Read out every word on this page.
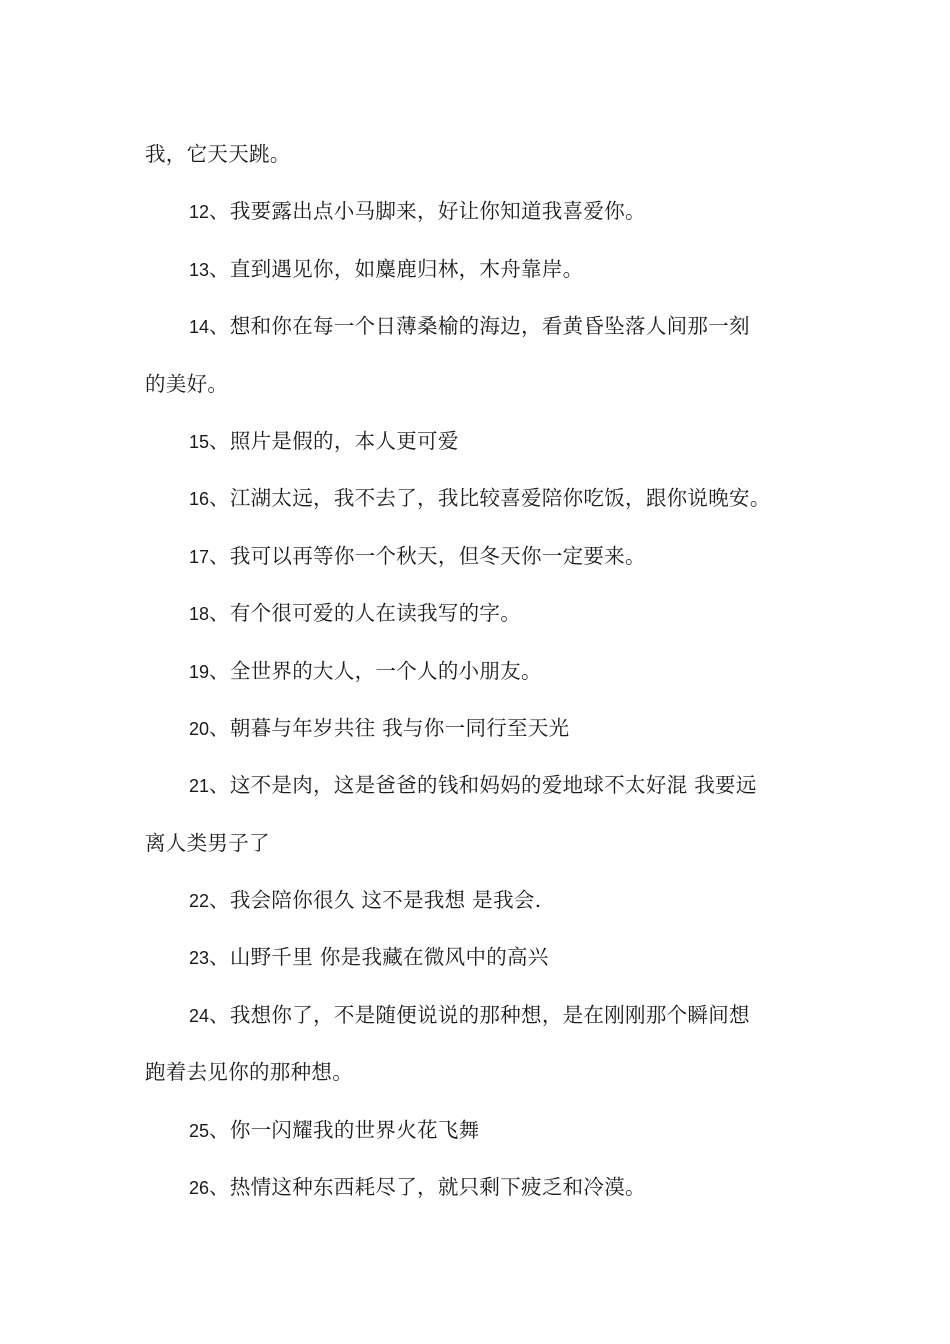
我，它天天跳。
12、我要露出点小马脚来，好让你知道我喜爱你。
13、直到遇见你，如麋鹿归林，木舟靠岸。
14、想和你在每一个日薄桑榆的海边，看黄昏坠落人间那一刻
的美好。
15、照片是假的，本人更可爱
16、江湖太远，我不去了，我比较喜爱陪你吃饭，跟你说晚安。
17、我可以再等你一个秋天，但冬天你一定要来。
18、有个很可爱的人在读我写的字。
19、全世界的大人，一个人的小朋友。
20、朝暮与年岁共往 我与你一同行至天光
21、这不是肉，这是爸爸的钱和妈妈的爱地球不太好混 我要远
离人类男子了
22、我会陪你很久 这不是我想 是我会.
23、山野千里 你是我藏在微风中的高兴
24、我想你了，不是随便说说的那种想，是在刚刚那个瞬间想
跑着去见你的那种想。
25、你一闪耀我的世界火花飞舞
26、热情这种东西耗尽了，就只剩下疲乏和冷漠。
